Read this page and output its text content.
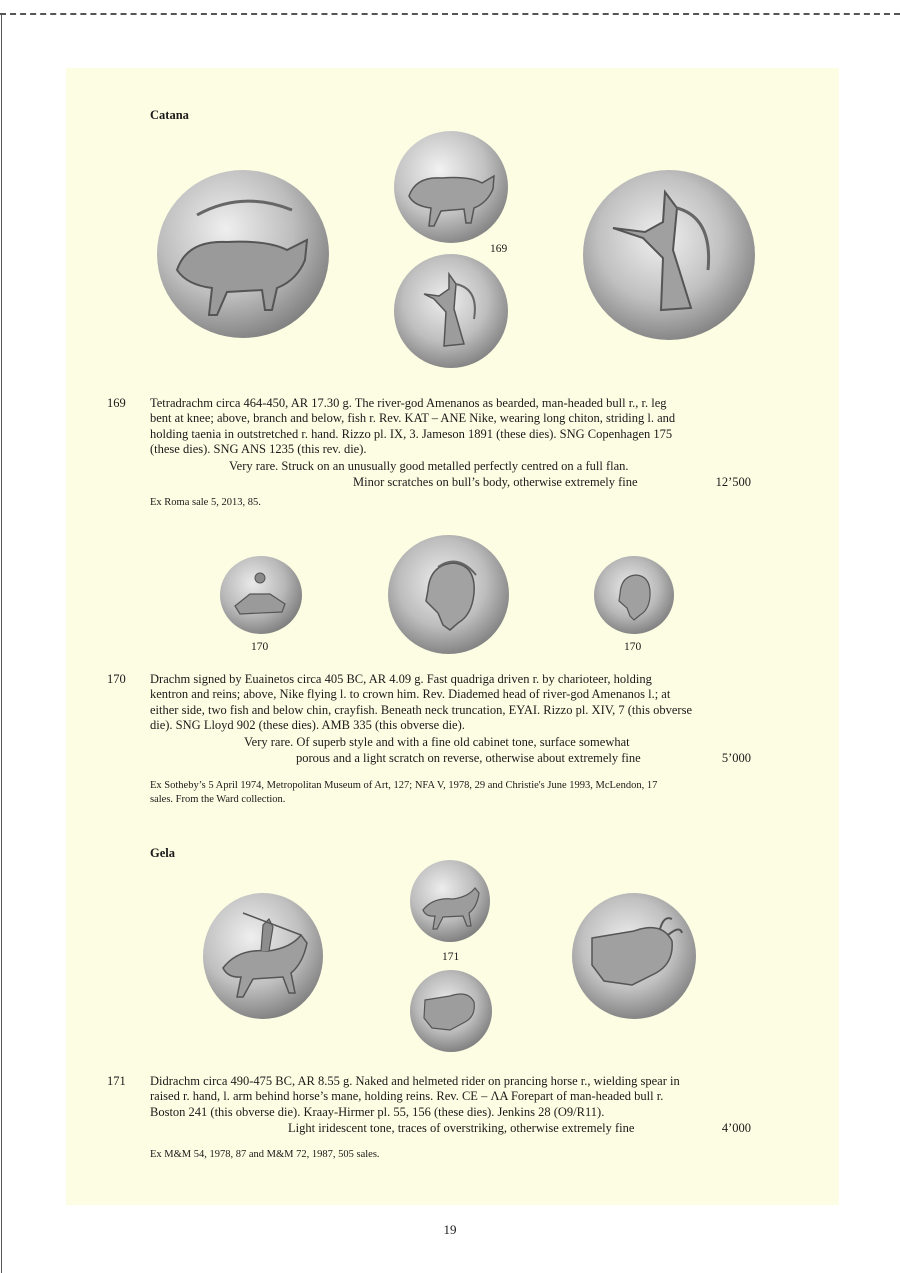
Catana
169
169 Tetradrachm circa 464-450, AR 17.30 g. The river-god Amenanos as bearded, man-headed bull r., r. leg
bent at knee; above, branch and below, fish r. Rev. KAT – ANE Nike, wearing long chiton, striding l. and
holding taenia in outstretched r. hand. Rizzo pl. IX, 3. Jameson 1891 (these dies). SNG Copenhagen 175
(these dies). SNG ANS 1235 (this rev. die).
Very rare. Struck on an unusually good metalled perfectly centred on a full flan.
Minor scratches on bull’s body, otherwise extremely fine	12’500
Ex Roma sale 5, 2013, 85.
170	170
170 Drachm signed by Euainetos circa 405 BC, AR 4.09 g. Fast quadriga driven r. by charioteer, holding
kentron and reins; above, Nike flying l. to crown him. Rev. Diademed head of river-god Amenanos l.; at
either side, two fish and below chin, crayfish. Beneath neck truncation, EYAI. Rizzo pl. XIV, 7 (this obverse
die). SNG Lloyd 902 (these dies). AMB 335 (this obverse die).
Very rare. Of superb style and with a fine old cabinet tone, surface somewhat
porous and a light scratch on reverse, otherwise about extremely fine	5’000
Ex Sotheby’s 5 April 1974, Metropolitan Museum of Art, 127; NFA V, 1978, 29 and Christie's June 1993, McLendon, 17
sales. From the Ward collection.
Gela
171
171 Didrachm circa 490-475 BC, AR 8.55 g. Naked and helmeted rider on prancing horse r., wielding spear in
raised r. hand, l. arm behind horse’s mane, holding reins. Rev. CE – ΛA Forepart of man-headed bull r.
Boston 241 (this obverse die). Kraay-Hirmer pl. 55, 156 (these dies). Jenkins 28 (O9/R11).
Light iridescent tone, traces of overstriking, otherwise extremely fine	4’000
Ex M&M 54, 1978, 87 and M&M 72, 1987, 505 sales.
19
